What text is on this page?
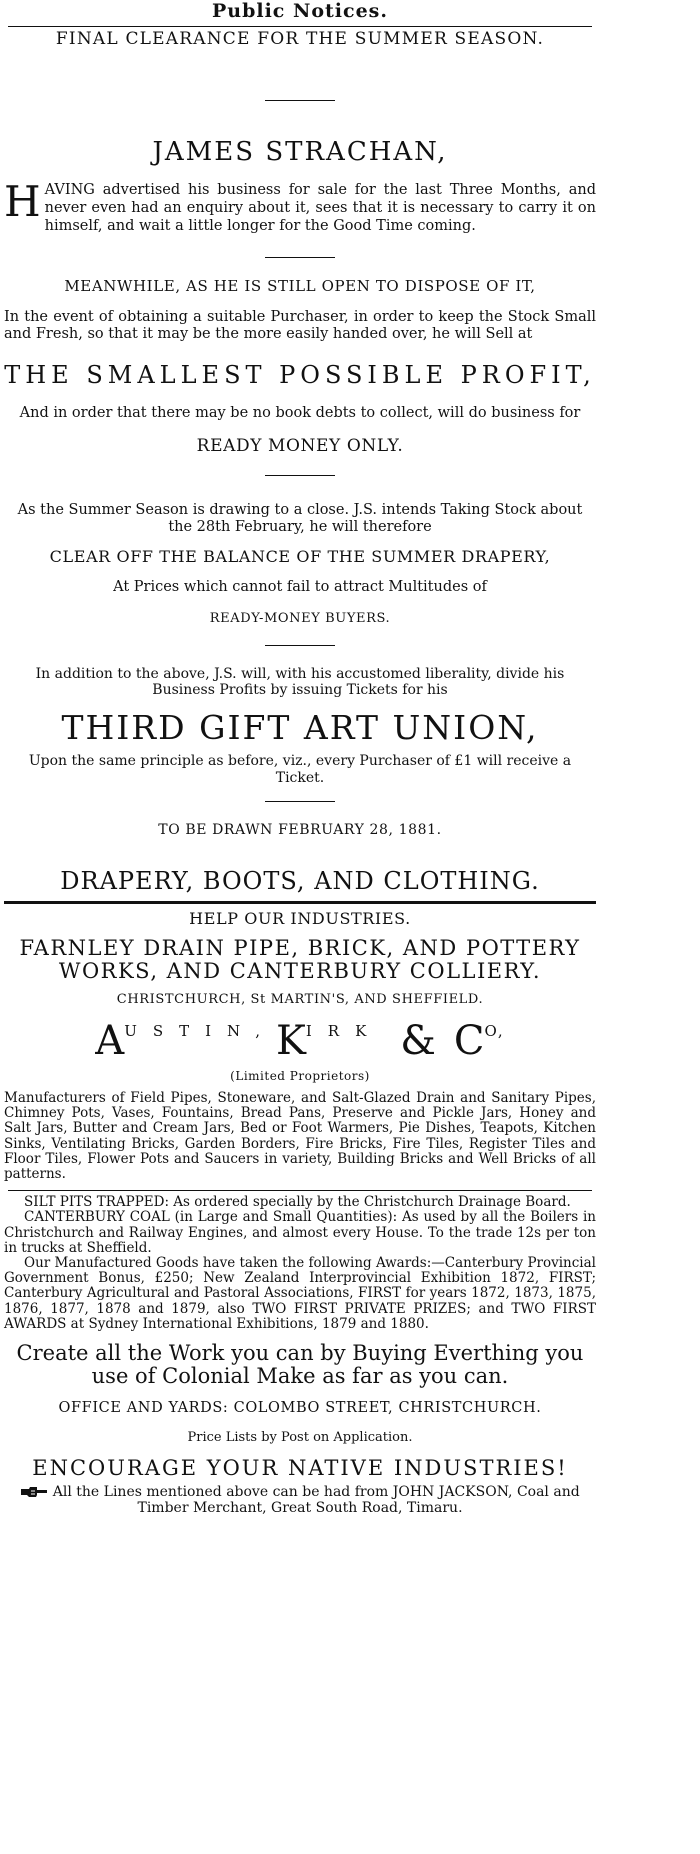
Public Notices.
FINAL CLEARANCE FOR THE SUMMER SEASON.
JAMES STRACHAN,
H AVING advertised his business for sale for the last Three Months, and never even had an enquiry about it, sees that it is necessary to carry it on himself, and wait a little longer for the Good Time coming.
MEANWHILE, AS HE IS STILL OPEN TO DISPOSE OF IT,
In the event of obtaining a suitable Purchaser, in order to keep the Stock Small and Fresh, so that it may be the more easily handed over, he will Sell at
THE SMALLEST POSSIBLE PROFIT,
And in order that there may be no book debts to collect, will do business for
READY MONEY ONLY.
As the Summer Season is drawing to a close. J.S. intends Taking Stock about the 28th February, he will therefore
CLEAR OFF THE BALANCE OF THE SUMMER DRAPERY,
At Prices which cannot fail to attract Multitudes of
READY-MONEY BUYERS.
In addition to the above, J.S. will, with his accustomed liberality, divide his Business Profits by issuing Tickets for his
THIRD GIFT ART UNION,
Upon the same principle as before, viz., every Purchaser of £1 will receive a Ticket.
TO BE DRAWN FEBRUARY 28, 1881.
DRAPERY, BOOTS, AND CLOTHING.
HELP OUR INDUSTRIES.
FARNLEY DRAIN PIPE, BRICK, AND POTTERY
WORKS, AND CANTERBURY COLLIERY.
CHRISTCHURCH, St MARTIN'S, AND SHEFFIELD.
A USTIN, K IRK & C O,
(Limited Proprietors)
Manufacturers of Field Pipes, Stoneware, and Salt-Glazed Drain and Sanitary Pipes, Chimney Pots, Vases, Fountains, Bread Pans, Preserve and Pickle Jars, Honey and Salt Jars, Butter and Cream Jars, Bed or Foot Warmers, Pie Dishes, Teapots, Kitchen Sinks, Ventilating Bricks, Garden Borders, Fire Bricks, Fire Tiles, Register Tiles and Floor Tiles, Flower Pots and Saucers in variety, Building Bricks and Well Bricks of all patterns.
SILT PITS TRAPPED: As ordered specially by the Christchurch Drainage Board.
CANTERBURY COAL (in Large and Small Quantities): As used by all the Boilers in Christchurch and Railway Engines, and almost every House. To the trade 12s per ton in trucks at Sheffield.
Our Manufactured Goods have taken the following Awards:—Canterbury Provincial Government Bonus, £250; New Zealand Interprovincial Exhibition 1872, FIRST; Canterbury Agricultural and Pastoral Associations, FIRST for years 1872, 1873, 1875, 1876, 1877, 1878 and 1879, also TWO FIRST PRIVATE PRIZES; and TWO FIRST AWARDS at Sydney International Exhibitions, 1879 and 1880.
Create all the Work you can by Buying Everthing you use of Colonial Make as far as you can.
OFFICE AND YARDS: COLOMBO STREET, CHRISTCHURCH.
Price Lists by Post on Application.
ENCOURAGE YOUR NATIVE INDUSTRIES!
All the Lines mentioned above can be had from JOHN JACKSON, Coal and Timber Merchant, Great South Road, Timaru.
